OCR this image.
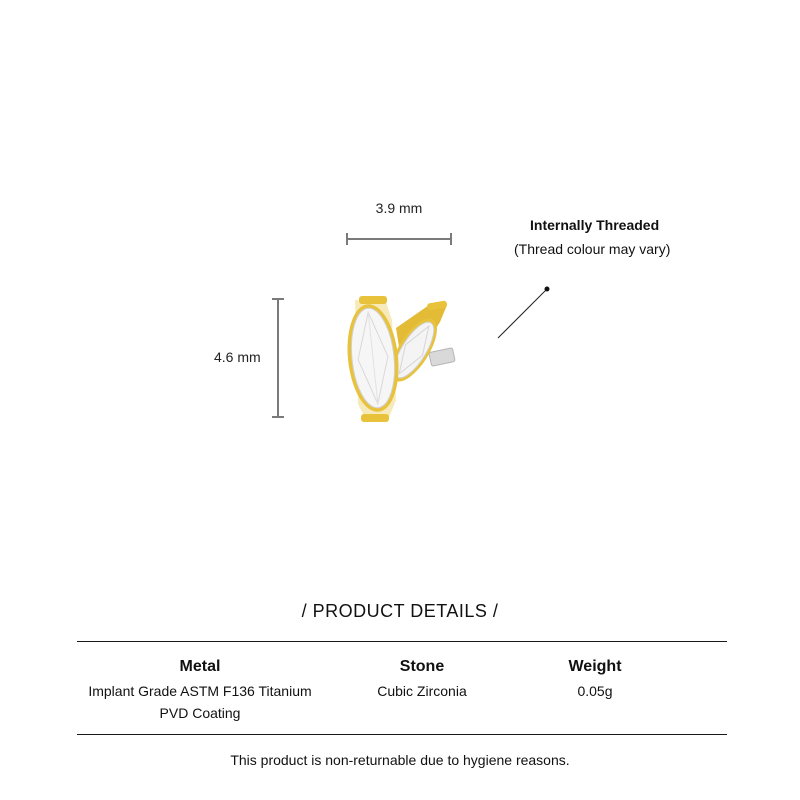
3.9 mm
4.6 mm
Internally Threaded
(Thread colour may vary)
/ PRODUCT DETAILS /
Metal
Implant Grade ASTM F136 Titanium
PVD Coating
Stone
Cubic Zirconia
Weight
0.05g
This product is non-returnable due to hygiene reasons.
